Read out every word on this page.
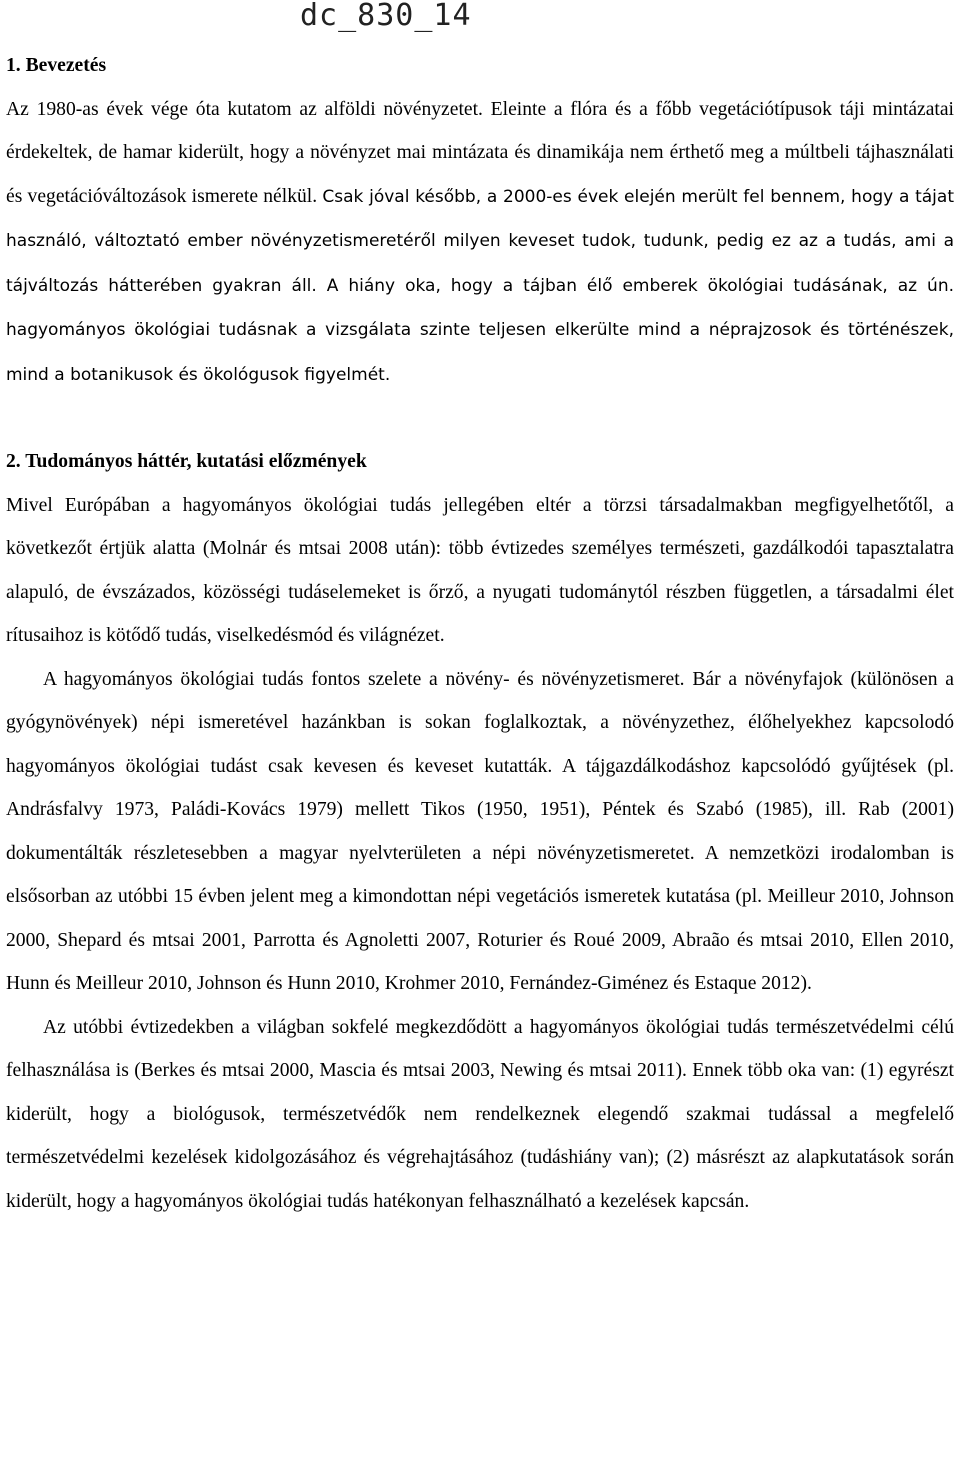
dc_830_14
1. Bevezetés

Az 1980-as évek vége óta kutatom az alföldi növényzetet. Eleinte a flóra és a főbb vegetációtípusok táji mintázatai érdekeltek, de hamar kiderült, hogy a növényzet mai mintázata és dinamikája nem érthető meg a múltbeli tájhasználati és vegetációváltozások ismerete nélkül. Csak jóval később, a 2000-es évek elején merült fel bennem, hogy a tájat használó, változtató ember növényzetismeretéről milyen keveset tudok, tudunk, pedig ez az a tudás, ami a tájváltozás hátterében gyakran áll. A hiány oka, hogy a tájban élő emberek ökológiai tudásának, az ún. hagyományos ökológiai tudásnak a vizsgálata szinte teljesen elkerülte mind a néprajzosok és történészek, mind a botanikusok és ökológusok figyelmét.

2. Tudományos háttér, kutatási előzmények

Mivel Európában a hagyományos ökológiai tudás jellegében eltér a törzsi társadalmakban megfigyelhetőtől, a következőt értjük alatta (Molnár és mtsai 2008 után): több évtizedes személyes természeti, gazdálkodói tapasztalatra alapuló, de évszázados, közösségi tudáselemeket is őrző, a nyugati tudománytól részben független, a társadalmi élet rítusaihoz is kötődő tudás, viselkedésmód és világnézet.

A hagyományos ökológiai tudás fontos szelete a növény- és növényzetismeret. Bár a növényfajok (különösen a gyógynövények) népi ismeretével hazánkban is sokan foglalkoztak, a növényzethez, élőhelyekhez kapcsolodó hagyományos ökológiai tudást csak kevesen és keveset kutatták. A tájgazdálkodáshoz kapcsolódó gyűjtések (pl. Andrásfalvy 1973, Paládi-Kovács 1979) mellett Tikos (1950, 1951), Péntek és Szabó (1985), ill. Rab (2001) dokumentálták részletesebben a magyar nyelvterületen a népi növényzetismeretet. A nemzetközi irodalomban is elsősorban az utóbbi 15 évben jelent meg a kimondottan népi vegetációs ismeretek kutatása (pl. Meilleur 2010, Johnson 2000, Shepard és mtsai 2001, Parrotta és Agnoletti 2007, Roturier és Roué 2009, Abraão és mtsai 2010, Ellen 2010, Hunn és Meilleur 2010, Johnson és Hunn 2010, Krohmer 2010, Fernández-Giménez és Estaque 2012).

Az utóbbi évtizedekben a világban sokfelé megkezdődött a hagyományos ökológiai tudás természetvédelmi célú felhasználása is (Berkes és mtsai 2000, Mascia és mtsai 2003, Newing és mtsai 2011). Ennek több oka van: (1) egyrészt kiderült, hogy a biológusok, természetvédők nem rendelkeznek elegendő szakmai tudással a megfelelő természetvédelmi kezelések kidolgozásához és végrehajtásához (tudáshiány van); (2) másrészt az alapkutatások során kiderült, hogy a hagyományos ökológiai tudás hatékonyan felhasználható a kezelések kapcsán.
